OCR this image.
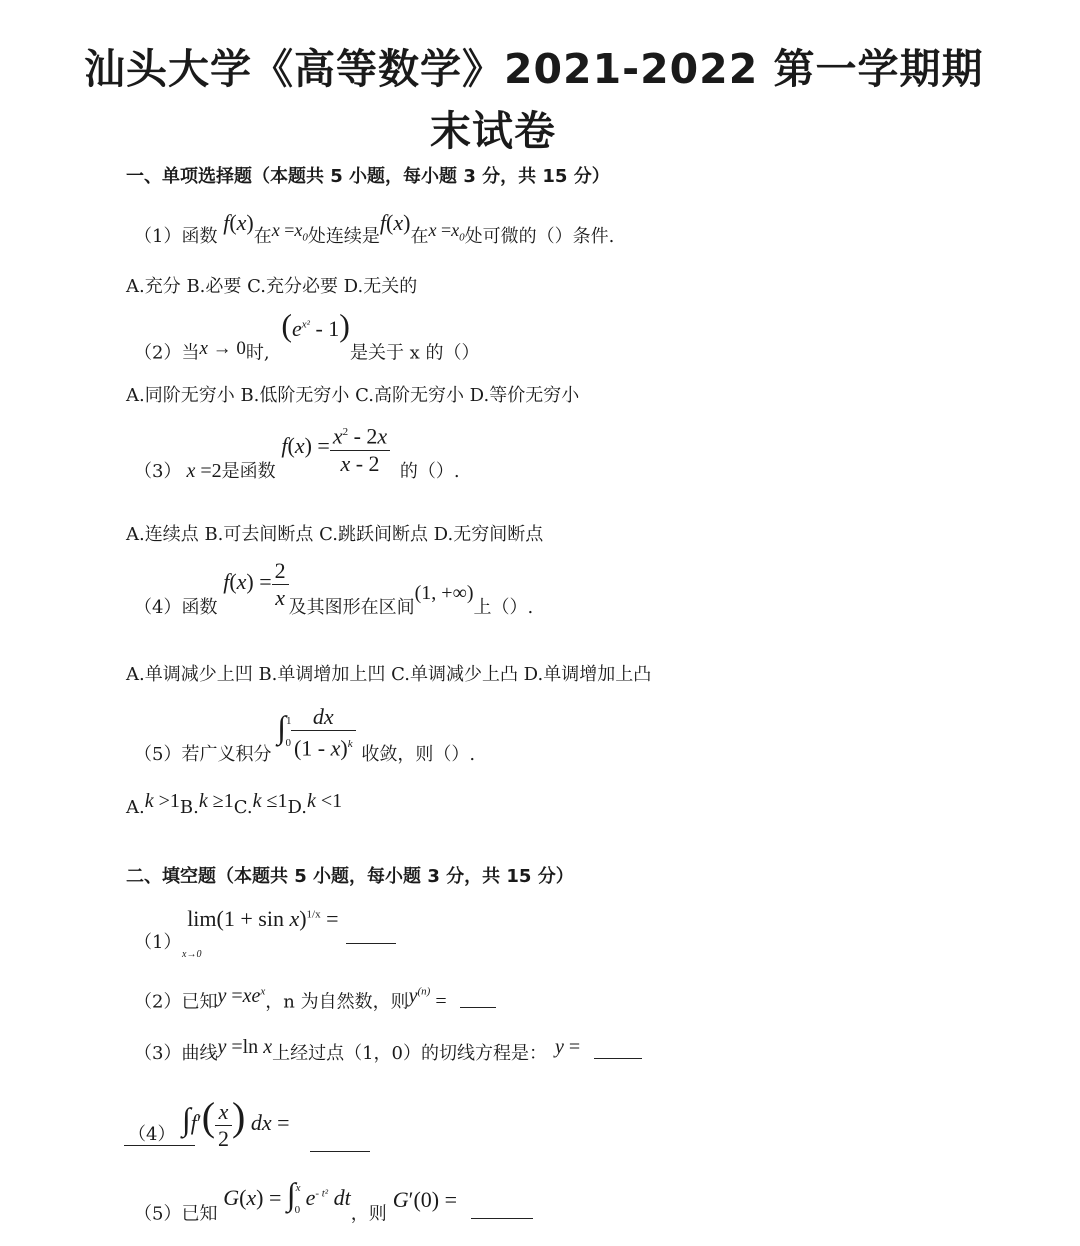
汕头大学《高等数学》2021-2022 第一学期期
末试卷
一、单项选择题（本题共 5 小题，每小题 3 分，共 15 分）
（1）函数 f(x)在$x =x_0$处连续是f(x)在$x =x_0$处可微的（）条件.
A.充分 B.必要 C.充分必要 D.无关的
（2）当x → 0时, $(e^{x^2} - 1)$是关于 x 的（）
A.同阶无穷小 B.低阶无穷小 C.高阶无穷小 D.等价无穷小
（3） x =2是函数 $f(x) = \frac{x^2 - 2x}{x - 2}$ 的（）.
A.连续点 B.可去间断点 C.跳跃间断点 D.无穷间断点
（4）函数 $f(x) = \frac{2}{x}$ 及其图形在区间(1, +∞)上（）.
A.单调减少上凹 B.单调增加上凹 C.单调减少上凸 D.单调增加上凸
（5）若广义积分 $\int^1_0 \frac{dx}{(1 - x)^k}$ 收敛，则（）.
A.k >1B.k ≥1C.k ≤1D.k <1
二、填空题（本题共 5 小题，每小题 3 分，共 15 分）
（1） $\lim(1 + \sin x)^{1/x}$ =
x→0
（2）已知$y =xe^x$，n 为自然数，则$y^{(n)}$ =
（3）曲线y =ln x上经过点（1，0）的切线方程是： y =
（4） $\int f'( \frac{x}{2}$ ) dx =
（5）已知 G(x) = ∫$^x_0$ $e^{- t^2}$ dt，则G′(0) =
